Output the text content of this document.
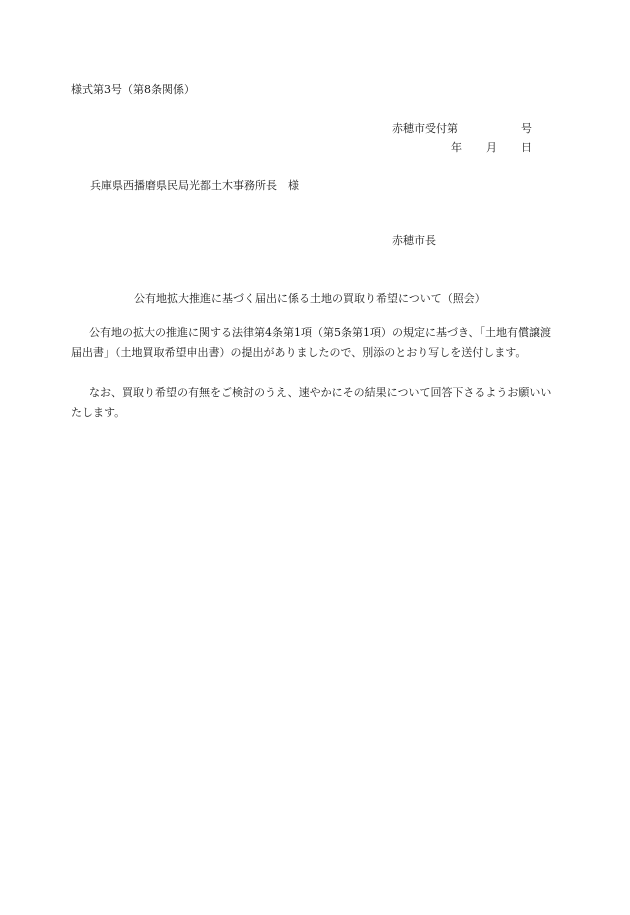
様式第3号（第8条関係）
赤穂市受付第	号
年 月 日
兵庫県西播磨県民局光都土木事務所長　様
赤穂市長
公有地拡大推進に基づく届出に係る土地の買取り希望について（照会）
公有地の拡大の推進に関する法律第4条第1項（第5条第1項）の規定に基づき、「土地有償譲渡届出書」（土地買取希望申出書）の提出がありましたので、別添のとおり写しを送付します。
なお、買取り希望の有無をご検討のうえ、速やかにその結果について回答下さるようお願いいたします。
